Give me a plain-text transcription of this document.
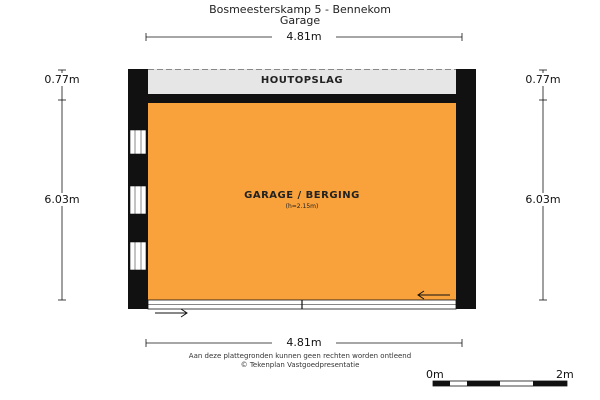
Bosmeesterskamp 5 - Bennekom
Garage
4.81m
4.81m
0.77m
6.03m
0.77m
6.03m
HOUTOPSLAG
GARAGE / BERGING
(h=2.15m)
Aan deze plattegronden kunnen geen rechten worden ontleend
© Tekenplan Vastgoedpresentatie
0m	2m
